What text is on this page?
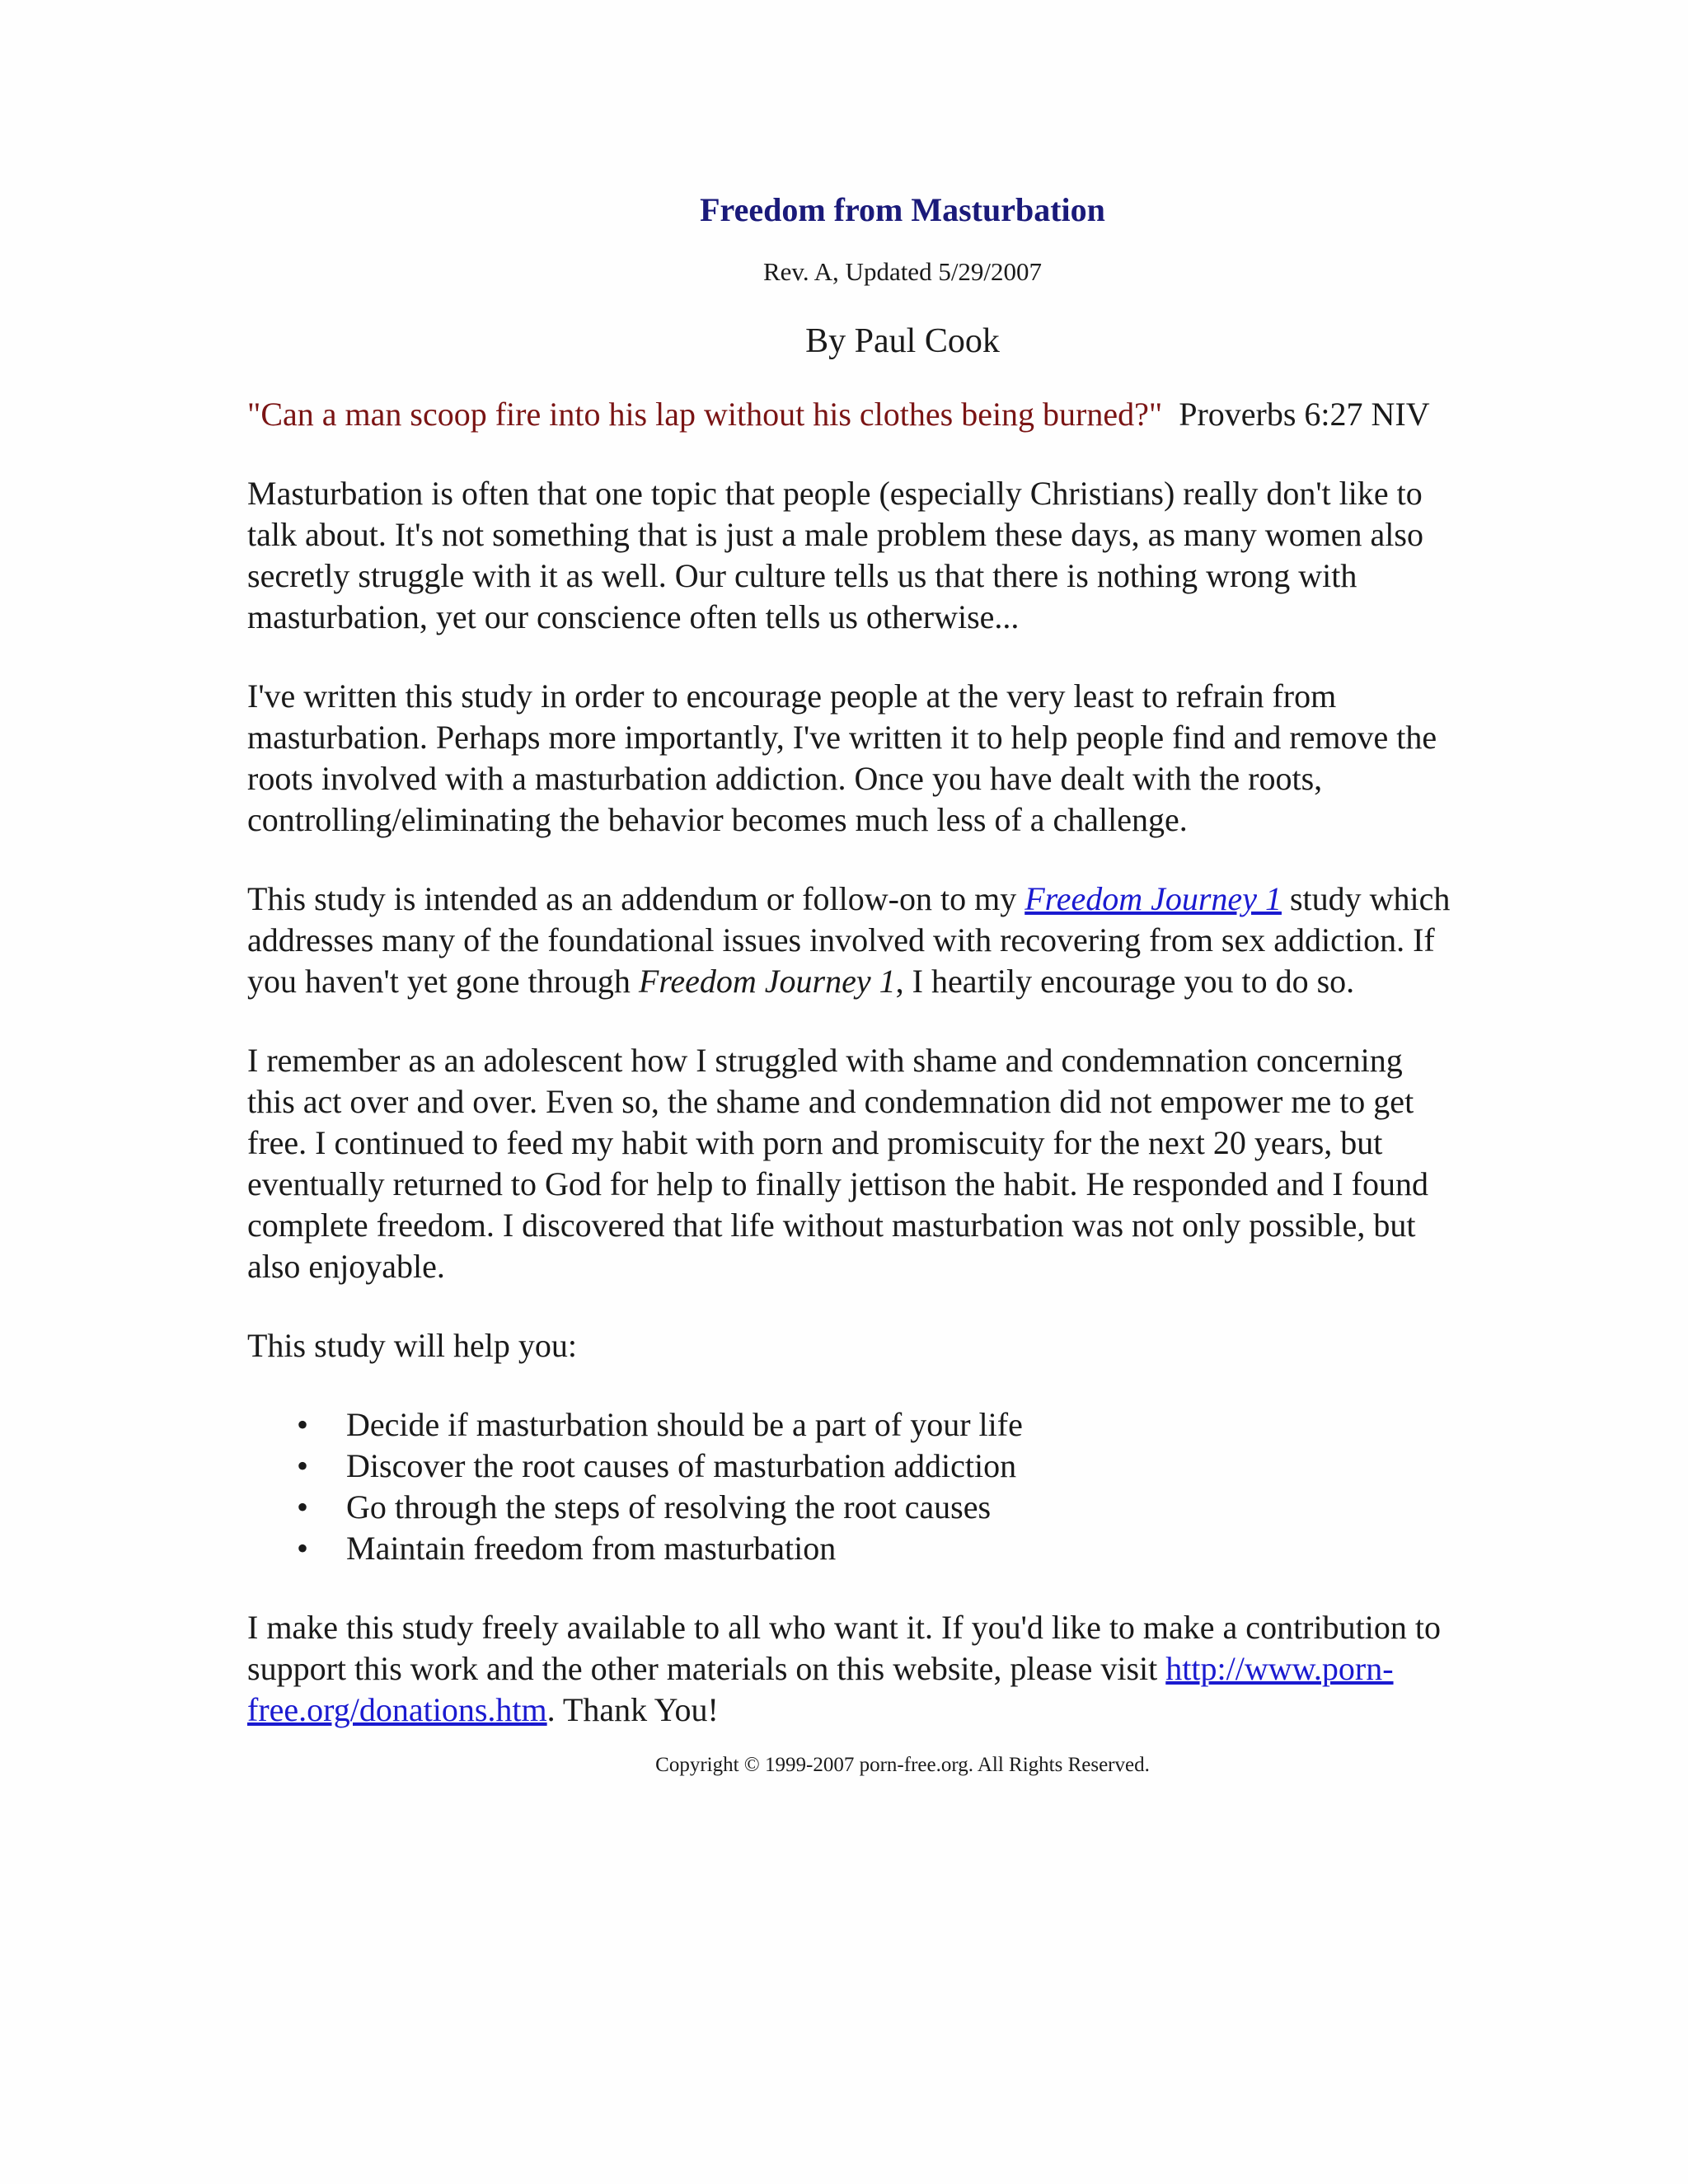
Freedom from Masturbation
Rev. A, Updated 5/29/2007
By Paul Cook

"Can a man scoop fire into his lap without his clothes being burned?" Proverbs 6:27 NIV

Masturbation is often that one topic that people (especially Christians) really don't like to talk about. It's not something that is just a male problem these days, as many women also secretly struggle with it as well. Our culture tells us that there is nothing wrong with masturbation, yet our conscience often tells us otherwise...

I've written this study in order to encourage people at the very least to refrain from masturbation. Perhaps more importantly, I've written it to help people find and remove the roots involved with a masturbation addiction. Once you have dealt with the roots, controlling/eliminating the behavior becomes much less of a challenge.

This study is intended as an addendum or follow-on to my Freedom Journey 1 study which addresses many of the foundational issues involved with recovering from sex addiction. If you haven't yet gone through Freedom Journey 1, I heartily encourage you to do so.

I remember as an adolescent how I struggled with shame and condemnation concerning this act over and over. Even so, the shame and condemnation did not empower me to get free. I continued to feed my habit with porn and promiscuity for the next 20 years, but eventually returned to God for help to finally jettison the habit. He responded and I found complete freedom. I discovered that life without masturbation was not only possible, but also enjoyable.

This study will help you:

• Decide if masturbation should be a part of your life
• Discover the root causes of masturbation addiction
• Go through the steps of resolving the root causes
• Maintain freedom from masturbation

I make this study freely available to all who want it. If you'd like to make a contribution to support this work and the other materials on this website, please visit http://www.porn-free.org/donations.htm. Thank You!

Copyright © 1999-2007 porn-free.org. All Rights Reserved.
